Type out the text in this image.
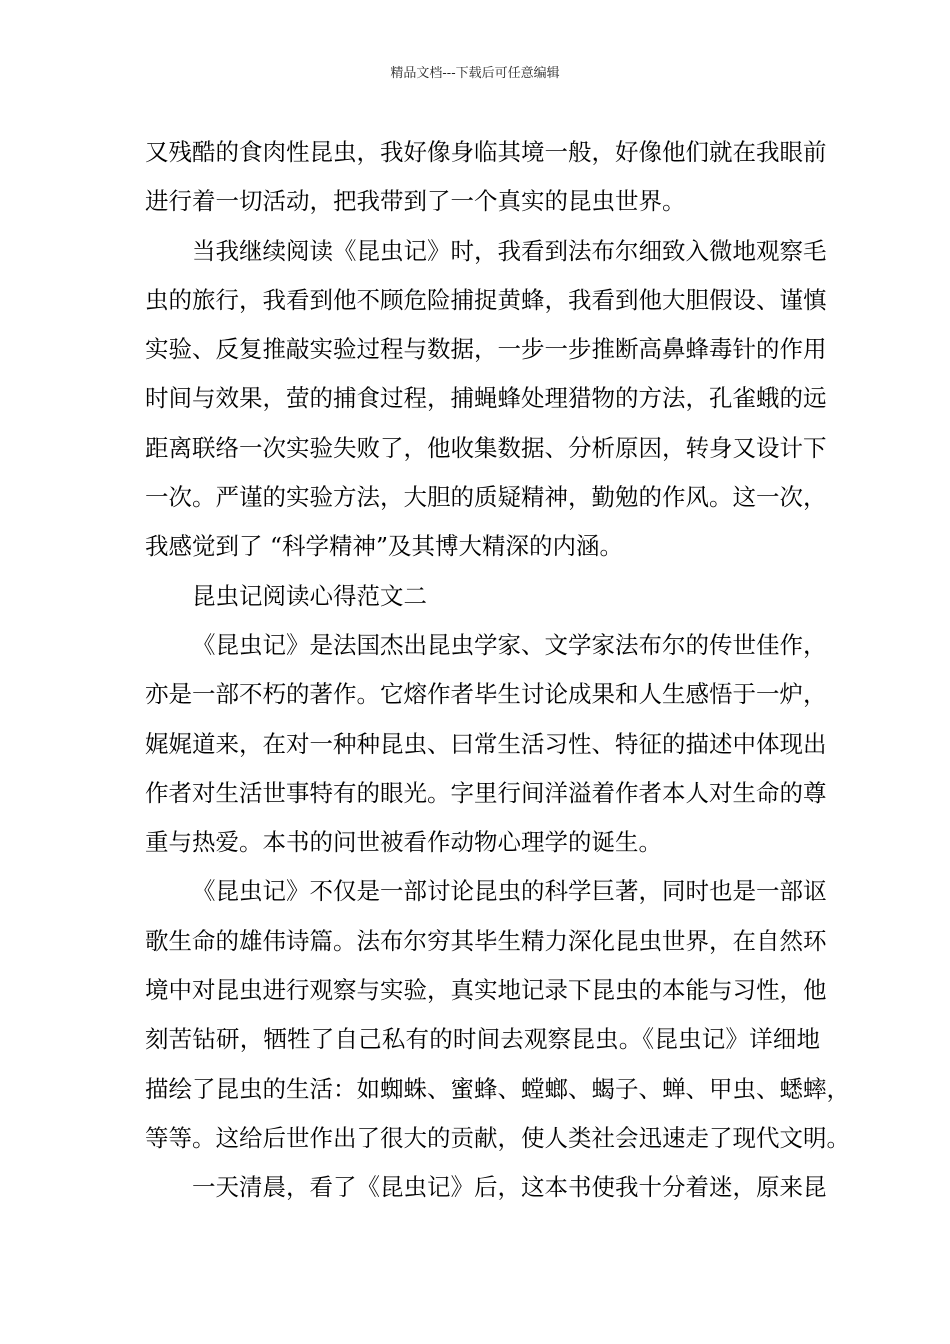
精品文档---下载后可任意编辑
又残酷的食肉性昆虫，我好像身临其境一般，好像他们就在我眼前
进行着一切活动，把我带到了一个真实的昆虫世界。
当我继续阅读《昆虫记》时，我看到法布尔细致入微地观察毛
虫的旅行，我看到他不顾危险捕捉黄蜂，我看到他大胆假设、谨慎
实验、反复推敲实验过程与数据，一步一步推断高鼻蜂毒针的作用
时间与效果，萤的捕食过程，捕蝇蜂处理猎物的方法，孔雀蛾的远
距离联络一次实验失败了，他收集数据、分析原因，转身又设计下
一次。严谨的实验方法，大胆的质疑精神，勤勉的作风。这一次，
我感觉到了 “科学精神”及其博大精深的内涵。
昆虫记阅读心得范文二
《昆虫记》是法国杰出昆虫学家、文学家法布尔的传世佳作，
亦是一部不朽的著作。它熔作者毕生讨论成果和人生感悟于一炉，
娓娓道来，在对一种种昆虫、曰常生活习性、特征的描述中体现出
作者对生活世事特有的眼光。字里行间洋溢着作者本人对生命的尊
重与热爱。本书的问世被看作动物心理学的诞生。
《昆虫记》不仅是一部讨论昆虫的科学巨著，同时也是一部讴
歌生命的雄伟诗篇。法布尔穷其毕生精力深化昆虫世界，在自然环
境中对昆虫进行观察与实验，真实地记录下昆虫的本能与习性，他
刻苦钻研，牺牲了自己私有的时间去观察昆虫。《昆虫记》详细地
描绘了昆虫的生活：如蜘蛛、蜜蜂、螳螂、蝎子、蝉、甲虫、蟋蟀，
等等。这给后世作出了很大的贡献，使人类社会迅速走了现代文明。
一天清晨，看了《昆虫记》后，这本书使我十分着迷，原来昆
